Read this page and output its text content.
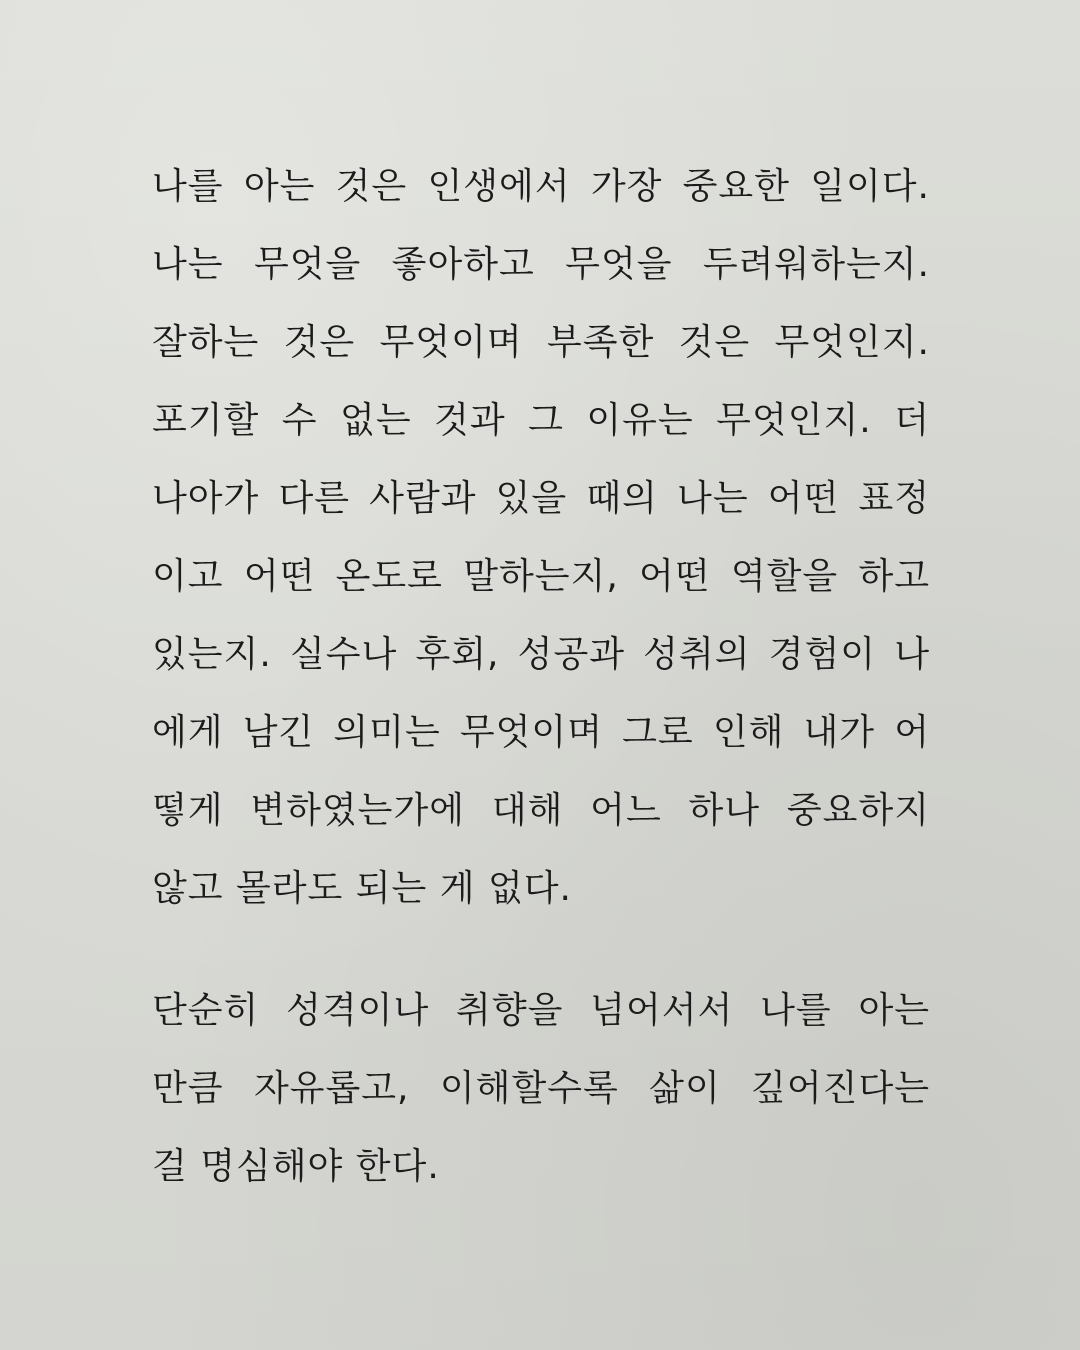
나를 아는 것은 인생에서 가장 중요한 일이다.
나는 무엇을 좋아하고 무엇을 두려워하는지.
잘하는 것은 무엇이며 부족한 것은 무엇인지.
포기할 수 없는 것과 그 이유는 무엇인지. 더
나아가 다른 사람과 있을 때의 나는 어떤 표정
이고 어떤 온도로 말하는지, 어떤 역할을 하고
있는지. 실수나 후회, 성공과 성취의 경험이 나
에게 남긴 의미는 무엇이며 그로 인해 내가 어
떻게 변하였는가에 대해 어느 하나 중요하지
않고 몰라도 되는 게 없다.

단순히 성격이나 취향을 넘어서서 나를 아는
만큼 자유롭고, 이해할수록 삶이 깊어진다는
걸 명심해야 한다.
